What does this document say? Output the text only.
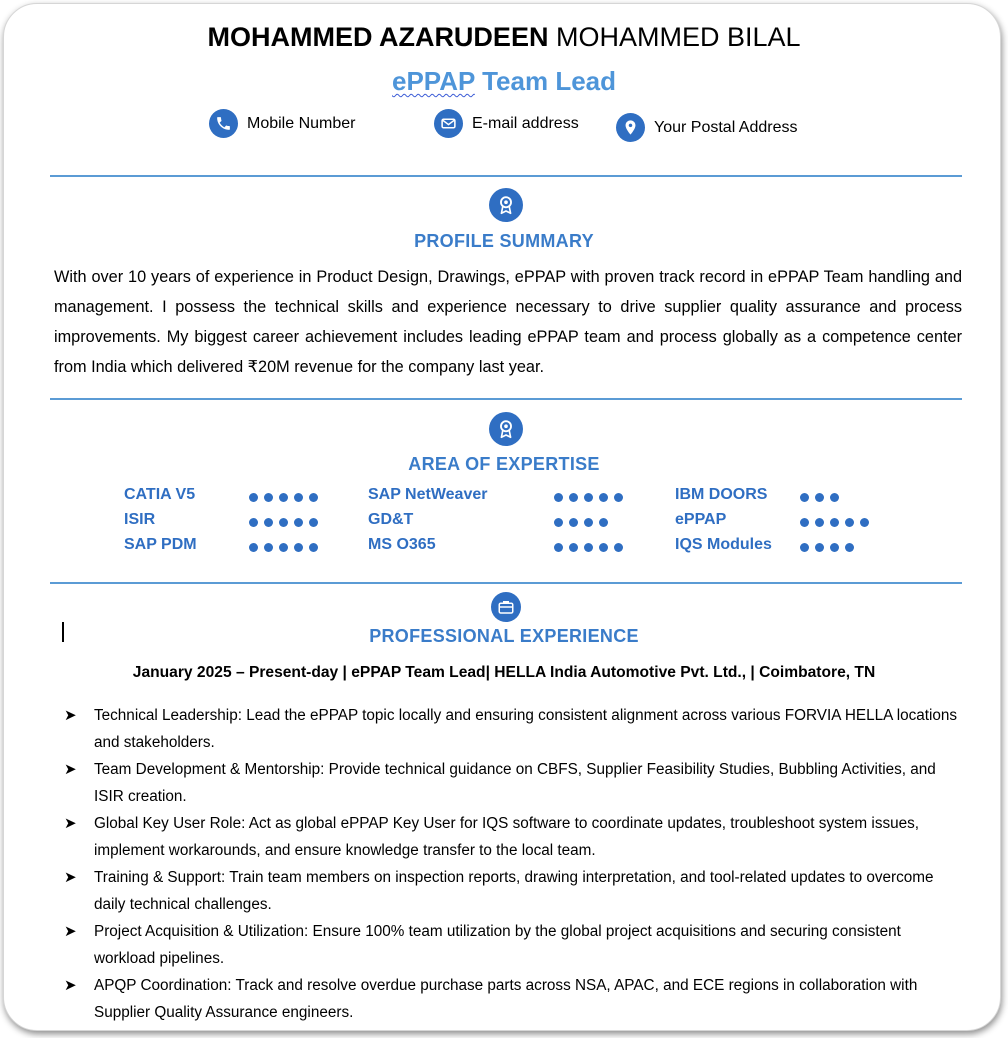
MOHAMMED AZARUDEEN MOHAMMED BILAL
ePPAP Team Lead
Mobile Number	E-mail address	Your Postal Address
PROFILE SUMMARY
With over 10 years of experience in Product Design, Drawings, ePPAP with proven track record in ePPAP Team handling and management. I possess the technical skills and experience necessary to drive supplier quality assurance and process improvements. My biggest career achievement includes leading ePPAP team and process globally as a competence center from India which delivered ₹20M revenue for the company last year.
AREA OF EXPERTISE
CATIA V5
ISIR
SAP PDM
SAP NetWeaver
GD&T
MS O365
IBM DOORS
ePPAP
IQS Modules
PROFESSIONAL EXPERIENCE
January 2025 – Present-day | ePPAP Team Lead| HELLA India Automotive Pvt. Ltd., | Coimbatore, TN
➤ Technical Leadership: Lead the ePPAP topic locally and ensuring consistent alignment across various FORVIA HELLA locations and stakeholders.
➤ Team Development & Mentorship: Provide technical guidance on CBFS, Supplier Feasibility Studies, Bubbling Activities, and ISIR creation.
➤ Global Key User Role: Act as global ePPAP Key User for IQS software to coordinate updates, troubleshoot system issues, implement workarounds, and ensure knowledge transfer to the local team.
➤ Training & Support: Train team members on inspection reports, drawing interpretation, and tool-related updates to overcome daily technical challenges.
➤ Project Acquisition & Utilization: Ensure 100% team utilization by the global project acquisitions and securing consistent workload pipelines.
➤ APQP Coordination: Track and resolve overdue purchase parts across NSA, APAC, and ECE regions in collaboration with Supplier Quality Assurance engineers.
